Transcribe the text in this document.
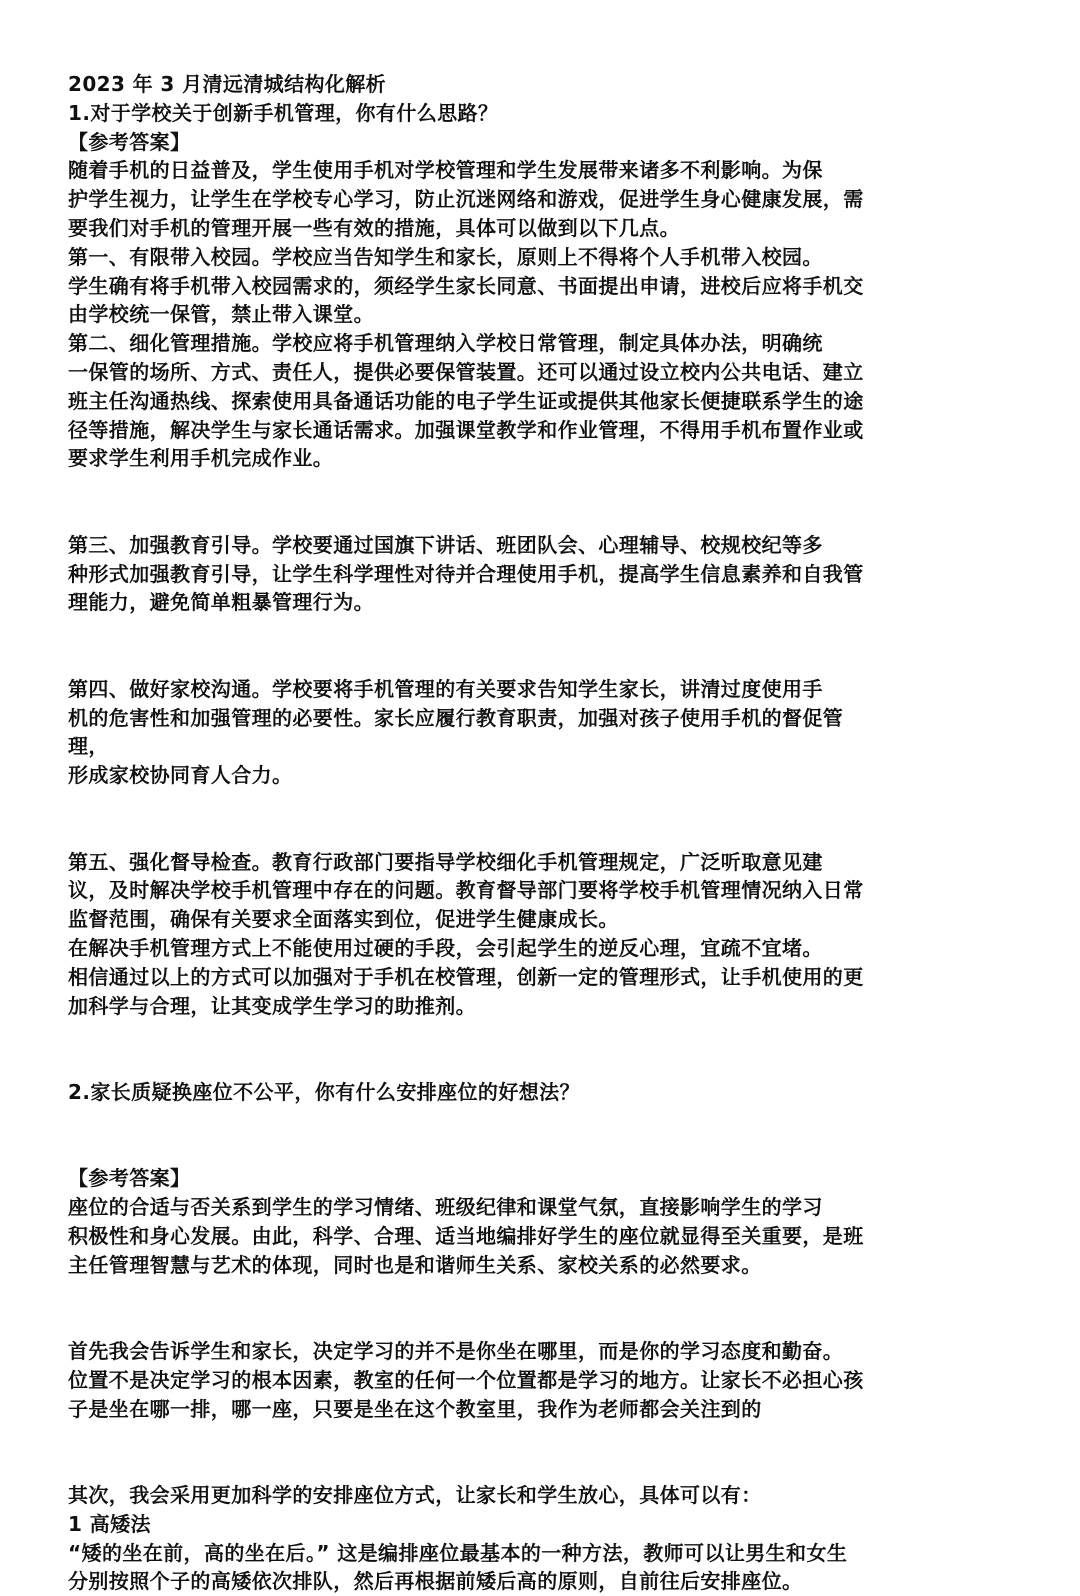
2023 年 3 月清远清城结构化解析
1.对于学校关于创新手机管理，你有什么思路？
【参考答案】
随着手机的日益普及，学生使用手机对学校管理和学生发展带来诸多不利影响。为保
护学生视力，让学生在学校专心学习，防止沉迷网络和游戏，促进学生身心健康发展，需
要我们对手机的管理开展一些有效的措施，具体可以做到以下几点。
第一、有限带入校园。学校应当告知学生和家长，原则上不得将个人手机带入校园。
学生确有将手机带入校园需求的，须经学生家长同意、书面提出申请，进校后应将手机交
由学校统一保管，禁止带入课堂。
第二、细化管理措施。学校应将手机管理纳入学校日常管理，制定具体办法，明确统
一保管的场所、方式、责任人，提供必要保管装置。还可以通过设立校内公共电话、建立
班主任沟通热线、探索使用具备通话功能的电子学生证或提供其他家长便捷联系学生的途
径等措施，解决学生与家长通话需求。加强课堂教学和作业管理，不得用手机布置作业或
要求学生利用手机完成作业。
第三、加强教育引导。学校要通过国旗下讲话、班团队会、心理辅导、校规校纪等多
种形式加强教育引导，让学生科学理性对待并合理使用手机，提高学生信息素养和自我管
理能力，避免简单粗暴管理行为。
第四、做好家校沟通。学校要将手机管理的有关要求告知学生家长，讲清过度使用手
机的危害性和加强管理的必要性。家长应履行教育职责，加强对孩子使用手机的督促管
理，
形成家校协同育人合力。
第五、强化督导检查。教育行政部门要指导学校细化手机管理规定，广泛听取意见建
议，及时解决学校手机管理中存在的问题。教育督导部门要将学校手机管理情况纳入日常
监督范围，确保有关要求全面落实到位，促进学生健康成长。
在解决手机管理方式上不能使用过硬的手段，会引起学生的逆反心理，宜疏不宜堵。
相信通过以上的方式可以加强对于手机在校管理，创新一定的管理形式，让手机使用的更
加科学与合理，让其变成学生学习的助推剂。
2.家长质疑换座位不公平，你有什么安排座位的好想法？
【参考答案】
座位的合适与否关系到学生的学习情绪、班级纪律和课堂气氛，直接影响学生的学习
积极性和身心发展。由此，科学、合理、适当地编排好学生的座位就显得至关重要，是班
主任管理智慧与艺术的体现，同时也是和谐师生关系、家校关系的必然要求。
首先我会告诉学生和家长，决定学习的并不是你坐在哪里，而是你的学习态度和勤奋。
位置不是决定学习的根本因素，教室的任何一个位置都是学习的地方。让家长不必担心孩
子是坐在哪一排，哪一座，只要是坐在这个教室里，我作为老师都会关注到的
其次，我会采用更加科学的安排座位方式，让家长和学生放心，具体可以有：
1 高矮法
“矮的坐在前，高的坐在后。” 这是编排座位最基本的一种方法，教师可以让男生和女生
分别按照个子的高矮依次排队，然后再根据前矮后高的原则，自前往后安排座位。
